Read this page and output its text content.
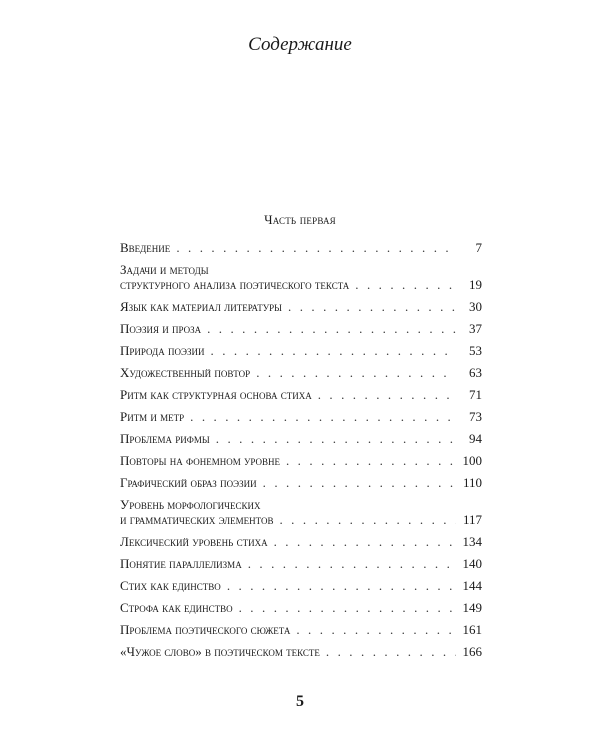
Содержание
Часть первая
Введение . . .	7
Задачи и методы
структурного анализа поэтического текста . . .	19
Язык как материал литературы . . .	30
Поэзия и проза . . .	37
Природа поэзии . . .	53
Художественный повтор . . .	63
Ритм как структурная основа стиха . . .	71
Ритм и метр . . .	73
Проблема рифмы . . .	94
Повторы на фонемном уровне . . .	100
Графический образ поэзии . . .	110
Уровень морфологических
и грамматических элементов . . .	117
Лексический уровень стиха . . .	134
Понятие параллелизма . . .	140
Стих как единство . . .	144
Строфа как единство . . .	149
Проблема поэтического сюжета . . .	161
«Чужое слово» в поэтическом тексте . . .	166
5
